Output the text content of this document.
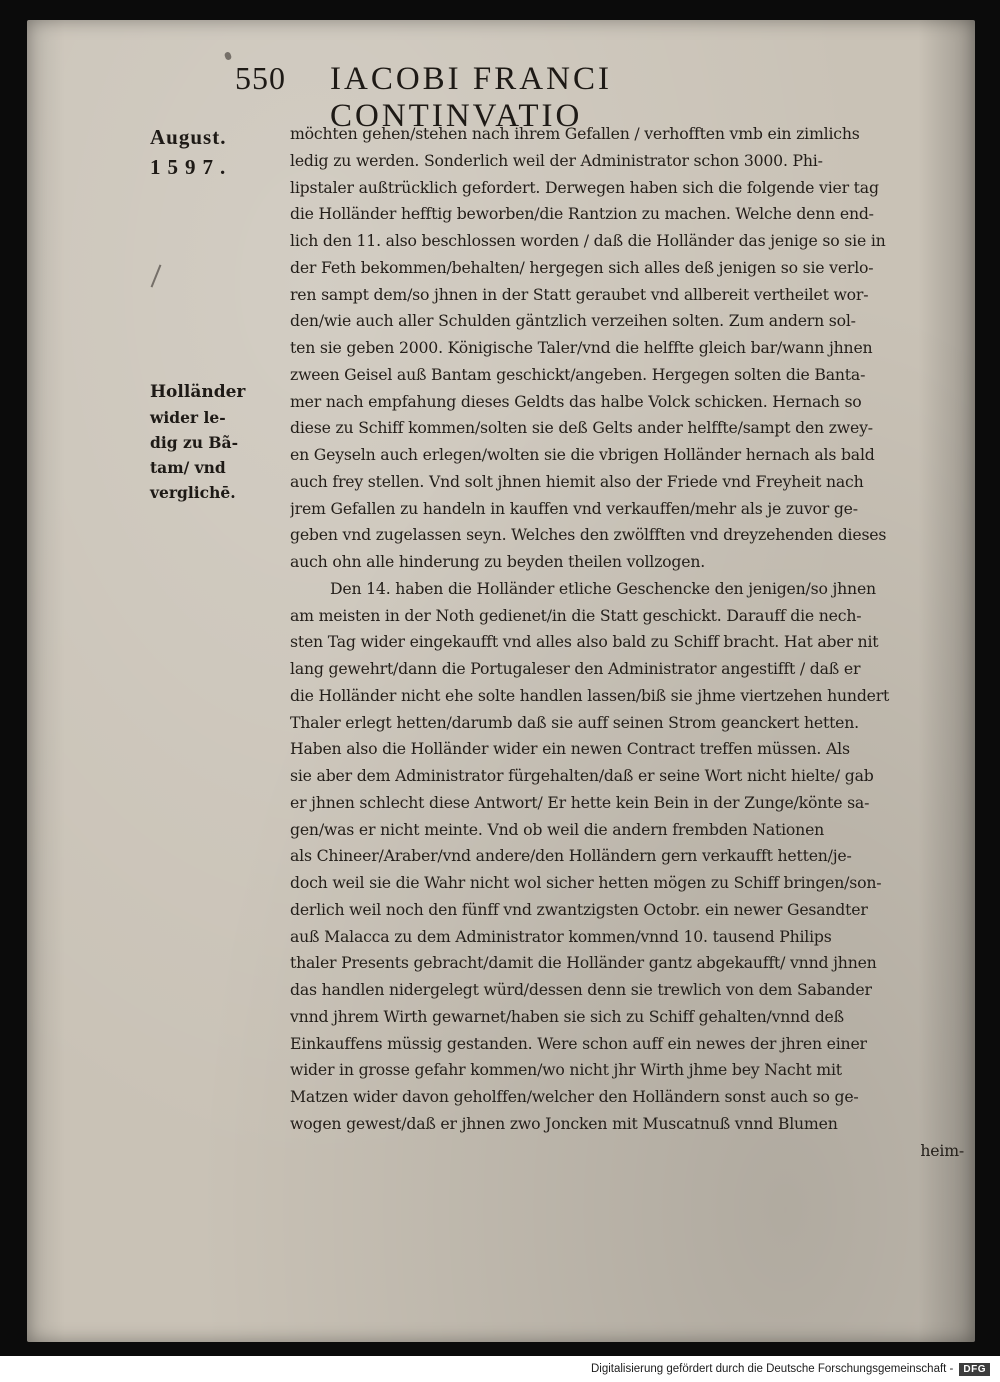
550 IACOBI FRANCI CONTINVATIO
August.
1597.
Holländer
wider le-
dig zu Bã-
tam/ vnd
verglichē.
möchten gehen/stehen nach ihrem Gefallen / verhofften vmb ein zimlichs
ledig zu werden. Sonderlich weil der Administrator schon 3000. Phi-
lipstaler außtrücklich gefordert. Derwegen haben sich die folgende vier tag
die Holländer hefftig beworben/die Rantzion zu machen. Welche denn end-
lich den 11. also beschlossen worden / daß die Holländer das jenige so sie in
der Feth bekommen/behalten/ hergegen sich alles deß jenigen so sie verlo-
ren sampt dem/so jhnen in der Statt geraubet vnd allbereit vertheilet wor-
den/wie auch aller Schulden gäntzlich verzeihen solten. Zum andern sol-
ten sie geben 2000. Königische Taler/vnd die helffte gleich bar/wann jhnen
zween Geisel auß Bantam geschickt/angeben. Hergegen solten die Banta-
mer nach empfahung dieses Geldts das halbe Volck schicken. Hernach so
diese zu Schiff kommen/solten sie deß Gelts ander helffte/sampt den zwey-
en Geyseln auch erlegen/wolten sie die vbrigen Holländer hernach als bald
auch frey stellen. Vnd solt jhnen hiemit also der Friede vnd Freyheit nach
jrem Gefallen zu handeln in kauffen vnd verkauffen/mehr als je zuvor ge-
geben vnd zugelassen seyn. Welches den zwölfften vnd dreyzehenden dieses
auch ohn alle hinderung zu beyden theilen vollzogen.
Den 14. haben die Holländer etliche Geschencke den jenigen/so jhnen
am meisten in der Noth gedienet/in die Statt geschickt. Darauff die nech-
sten Tag wider eingekaufft vnd alles also bald zu Schiff bracht. Hat aber nit
lang gewehrt/dann die Portugaleser den Administrator angestifft / daß er
die Holländer nicht ehe solte handlen lassen/biß sie jhme viertzehen hundert
Thaler erlegt hetten/darumb daß sie auff seinen Strom geanckert hetten.
Haben also die Holländer wider ein newen Contract treffen müssen. Als
sie aber dem Administrator fürgehalten/daß er seine Wort nicht hielte/ gab
er jhnen schlecht diese Antwort/ Er hette kein Bein in der Zunge/könte sa-
gen/was er nicht meinte. Vnd ob weil die andern frembden Nationen
als Chineer/Araber/vnd andere/den Holländern gern verkaufft hetten/je-
doch weil sie die Wahr nicht wol sicher hetten mögen zu Schiff bringen/son-
derlich weil noch den fünff vnd zwantzigsten Octobr. ein newer Gesandter
auß Malacca zu dem Administrator kommen/vnnd 10. tausend Philips
thaler Presents gebracht/damit die Holländer gantz abgekaufft/ vnnd jhnen
das handlen nidergelegt würd/dessen denn sie trewlich von dem Sabander
vnnd jhrem Wirth gewarnet/haben sie sich zu Schiff gehalten/vnnd deß
Einkauffens müssig gestanden. Were schon auff ein newes der jhren einer
wider in grosse gefahr kommen/wo nicht jhr Wirth jhme bey Nacht mit
Matzen wider davon geholffen/welcher den Holländern sonst auch so ge-
wogen gewest/daß er jhnen zwo Joncken mit Muscatnuß vnnd Blumen
heim-
Digitalisierung gefördert durch die Deutsche Forschungsgemeinschaft -	DFG
